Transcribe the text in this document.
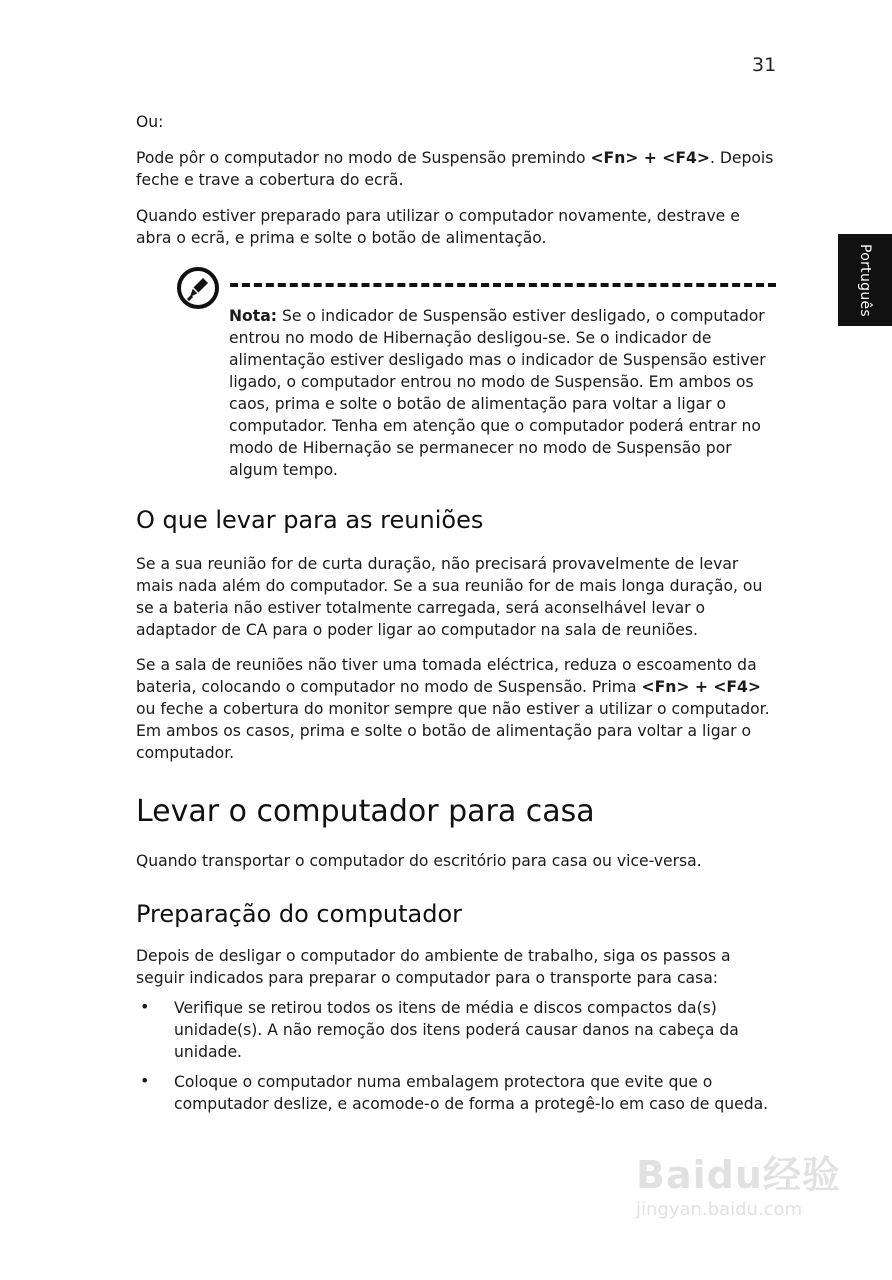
31
Português

Ou:

Pode pôr o computador no modo de Suspensão premindo <Fn> + <F4>. Depois feche e trave a cobertura do ecrã.

Quando estiver preparado para utilizar o computador novamente, destrave e abra o ecrã, e prima e solte o botão de alimentação.

Nota: Se o indicador de Suspensão estiver desligado, o computador entrou no modo de Hibernação desligou-se. Se o indicador de alimentação estiver desligado mas o indicador de Suspensão estiver ligado, o computador entrou no modo de Suspensão. Em ambos os caos, prima e solte o botão de alimentação para voltar a ligar o computador. Tenha em atenção que o computador poderá entrar no modo de Hibernação se permanecer no modo de Suspensão por algum tempo.

O que levar para as reuniões

Se a sua reunião for de curta duração, não precisará provavelmente de levar mais nada além do computador. Se a sua reunião for de mais longa duração, ou se a bateria não estiver totalmente carregada, será aconselhável levar o adaptador de CA para o poder ligar ao computador na sala de reuniões.

Se a sala de reuniões não tiver uma tomada eléctrica, reduza o escoamento da bateria, colocando o computador no modo de Suspensão. Prima <Fn> + <F4> ou feche a cobertura do monitor sempre que não estiver a utilizar o computador. Em ambos os casos, prima e solte o botão de alimentação para voltar a ligar o computador.

Levar o computador para casa

Quando transportar o computador do escritório para casa ou vice-versa.

Preparação do computador

Depois de desligar o computador do ambiente de trabalho, siga os passos a seguir indicados para preparar o computador para o transporte para casa:

• Verifique se retirou todos os itens de média e discos compactos da(s) unidade(s). A não remoção dos itens poderá causar danos na cabeça da unidade.

• Coloque o computador numa embalagem protectora que evite que o computador deslize, e acomode-o de forma a protegê-lo em caso de queda.

Baidu经验
jingyan.baidu.com
